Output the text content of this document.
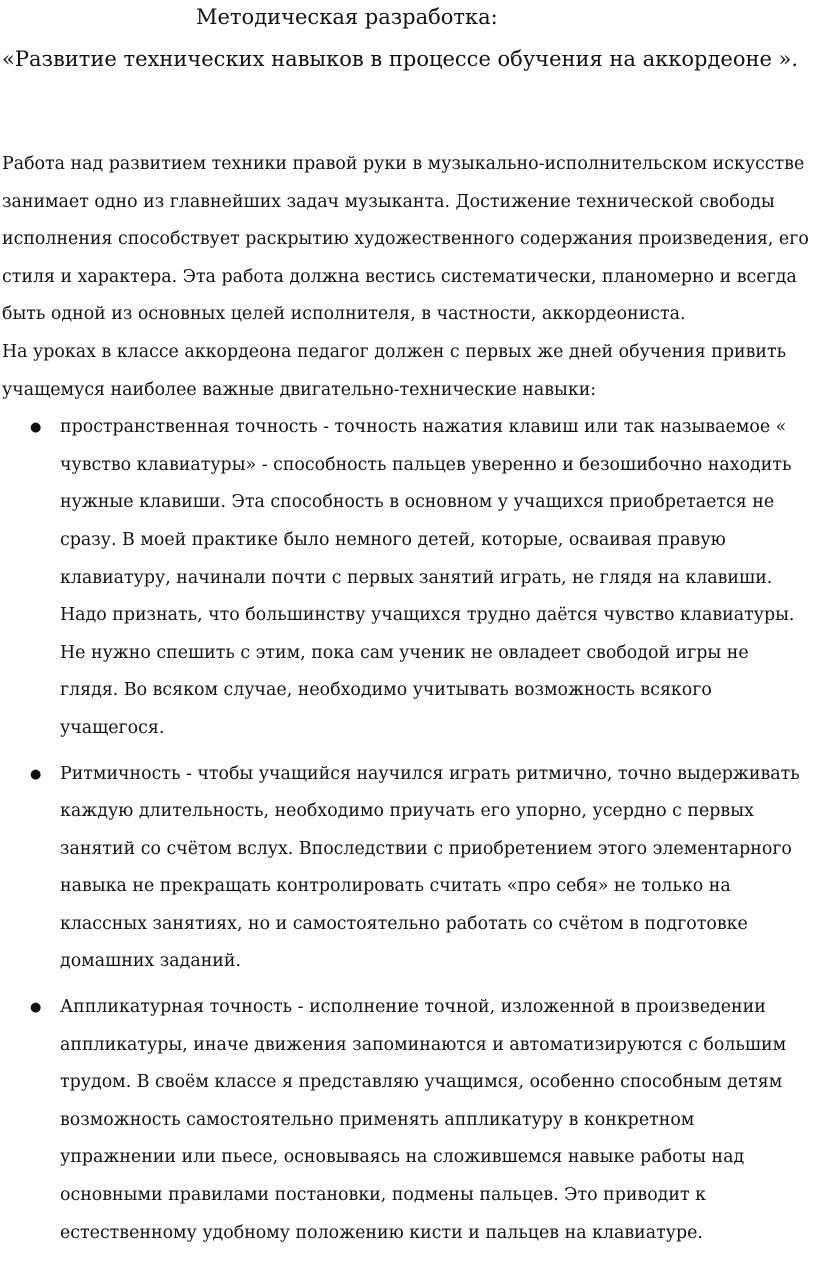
Методическая разработка:
«Развитие технических навыков в процессе обучения на аккордеоне ».

Работа над развитием техники правой руки в музыкально-исполнительском искусстве занимает одно из главнейших задач музыканта. Достижение технической свободы исполнения способствует раскрытию художественного содержания произведения, его стиля и характера. Эта работа должна вестись систематически, планомерно и всегда быть одной из основных целей исполнителя, в частности, аккордеониста.

На уроках в классе аккордеона педагог должен с первых же дней обучения привить учащемуся наиболее важные двигательно-технические навыки:

● пространственная точность - точность нажатия клавиш или так называемое « чувство клавиатуры» - способность пальцев уверенно и безошибочно находить нужные клавиши. Эта способность в основном у учащихся приобретается не сразу. В моей практике было немного детей, которые, осваивая правую клавиатуру, начинали почти с первых занятий играть, не глядя на клавиши. Надо признать, что большинству учащихся трудно даётся чувство клавиатуры. Не нужно спешить с этим, пока сам ученик не овладеет свободой игры не глядя. Во всяком случае, необходимо учитывать возможность всякого учащегося.
● Ритмичность - чтобы учащийся научился играть ритмично, точно выдерживать каждую длительность, необходимо приучать его упорно, усердно с первых занятий со счётом вслух. Впоследствии с приобретением этого элементарного навыка не прекращать контролировать считать «про себя» не только на классных занятиях, но и самостоятельно работать со счётом в подготовке домашних заданий.
● Аппликатурная точность - исполнение точной, изложенной в произведении аппликатуры, иначе движения запоминаются и автоматизируются с большим трудом. В своём классе я представляю учащимся, особенно способным детям возможность самостоятельно применять аппликатуру в конкретном упражнении или пьесе, основываясь на сложившемся навыке работы над основными правилами постановки, подмены пальцев. Это приводит к естественному удобному положению кисти и пальцев на клавиатуре.
